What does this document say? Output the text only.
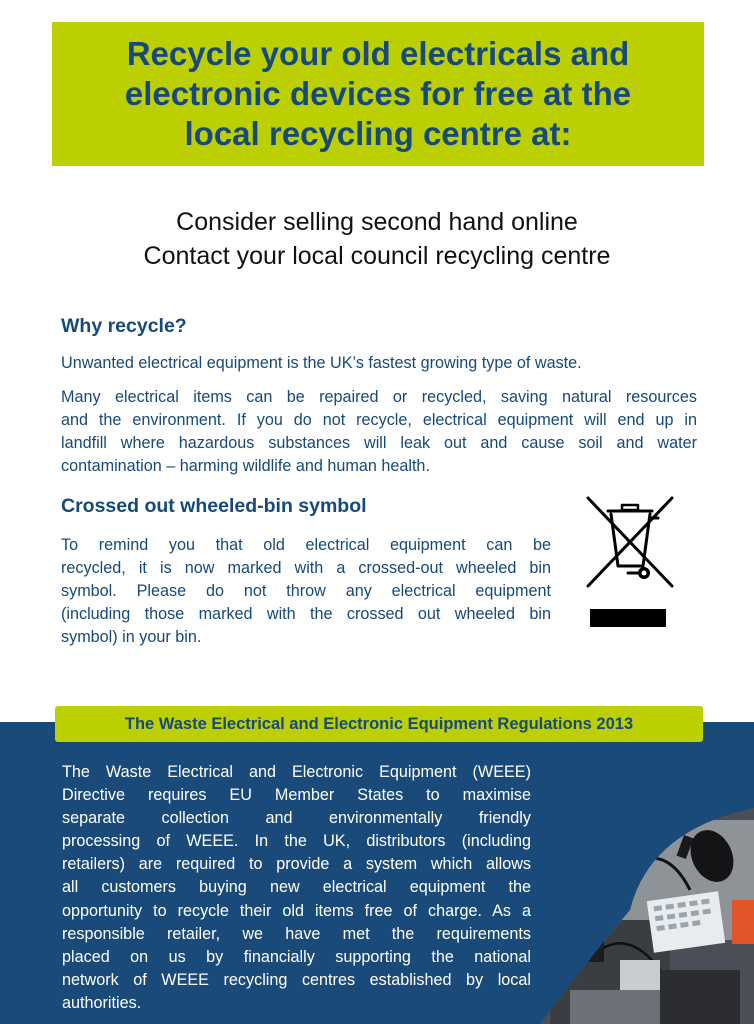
Recycle your old electricals and
electronic devices for free at the
local recycling centre at:
Consider selling second hand online
Contact your local council recycling centre
Why recycle?
Unwanted electrical equipment is the UK’s fastest growing type of waste.
Many electrical items can be repaired or recycled, saving natural resources
and the environment. If you do not recycle, electrical equipment will end up in
landfill where hazardous substances will leak out and cause soil and water
contamination – harming wildlife and human health.
Crossed out wheeled-bin symbol
To remind you that old electrical equipment can be
recycled, it is now marked with a crossed-out wheeled bin
symbol. Please do not throw any electrical equipment
(including those marked with the crossed out wheeled bin
symbol) in your bin.
The Waste Electrical and Electronic Equipment Regulations 2013
The Waste Electrical and Electronic Equipment (WEEE)
Directive requires EU Member States to maximise
separate collection and environmentally friendly
processing of WEEE. In the UK, distributors (including
retailers) are required to provide a system which allows
all customers buying new electrical equipment the
opportunity to recycle their old items free of charge. As a
responsible retailer, we have met the requirements
placed on us by financially supporting the national
network of WEEE recycling centres established by local
authorities.
